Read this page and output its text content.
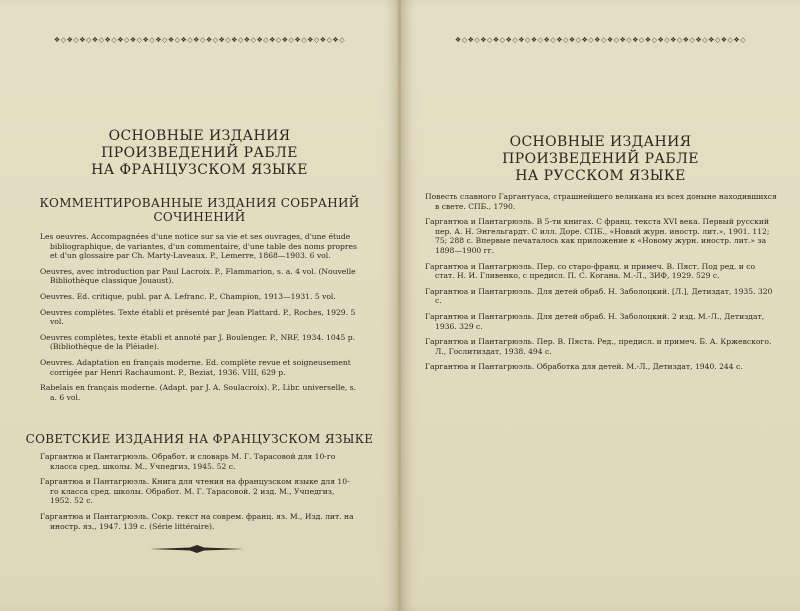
❖◇❖◇❖◇❖◇❖◇❖◇❖◇❖◇❖◇❖◇❖◇❖◇❖◇❖◇❖◇❖◇❖◇❖◇❖◇❖◇❖◇❖◇❖◇
ОСНОВНЫЕ ИЗДАНИЯ
ПРОИЗВЕДЕНИЙ РАБЛЕ
НА ФРАНЦУЗСКОМ ЯЗЫКЕ
КОММЕНТИРОВАННЫЕ ИЗДАНИЯ СОБРАНИЙ
СОЧИНЕНИЙ
Les oeuvres. Accompagnées d'une notice sur sa vie et ses ouvrages, d'une étude bibliographique, de variantes, d'un commentaire, d'une table des noms propres et d'un glossaire par Ch. Marty-Laveaux. P., Lemerre, 1868—1903. 6 vol.
Oeuvres, avec introduction par Paul Lacroix. P., Flammarion, s. a. 4 vol. (Nouvelle Bibliothèque classique Jouaust).
Oeuvres. Ed. critique, publ. par A. Lefranc. P., Champion, 1913—1931. 5 vol.
Oeuvres complètes. Texte établi et présenté par Jean Plattard. P., Roches, 1929. 5 vol.
Oeuvres complètes, texte établi et annoté par J. Boulenger. P., NRF, 1934. 1045 p. (Bibliothèque de la Pléiade).
Oeuvres. Adaptation en français moderne. Ed. complète revue et soigneusement corrigée par Henri Rachaumont. P., Beziat, 1936. VIII, 629 p.
Rabelais en français moderne. (Adapt. par J. A. Soulacroix). P., Libr. universelle, s. a. 6 vol.
СОВЕТСКИЕ ИЗДАНИЯ НА ФРАНЦУЗСКОМ ЯЗЫКЕ
Гаргантюа и Пантагрюэль. Обработ. и словарь М. Г. Тарасовой для 10-го класса сред. школы. М., Учпедгиз, 1945. 52 с.
Гаргантюа и Пантагрюэль. Книга для чтения на французском языке для 10-го класса сред. школы. Обработ. М. Г. Тарасовой. 2 изд. М., Учпедгиз, 1952. 52 с.
Гаргантюа и Пантагрюэль. Сокр. текст на соврем. франц. яз. М., Изд. лит. на иностр. яз., 1947. 139 с. (Série littéraire).
❖◇❖◇❖◇❖◇❖◇❖◇❖◇❖◇❖◇❖◇❖◇❖◇❖◇❖◇❖◇❖◇❖◇❖◇❖◇❖◇❖◇❖◇❖◇
ОСНОВНЫЕ ИЗДАНИЯ
ПРОИЗВЕДЕНИЙ РАБЛЕ
НА РУССКОМ ЯЗЫКЕ
Повесть славного Гаргантуаса, страшнейшего великана из всех доныне находившихся в свете. СПБ., 1790.
Гаргантюа и Пантагрюэль. В 5-ти книгах. С франц. текста XVI века. Первый русский пер. А. Н. Энгельгардт. С илл. Доре. СПБ., «Новый журн. иностр. лит.», 1901. 112; 75; 288 с. Впервые печаталось как приложение к «Новому журн. иностр. лит.» за 1898—1900 гг.
Гаргантюа и Пантагрюэль. Пер. со старо-франц. и примеч. В. Пяст. Под ред. и со стат. Н. И. Гливенко, с предисл. П. С. Когана. М.-Л., ЗИФ, 1929. 529 с.
Гаргантюа и Пантагрюэль. Для детей обраб. Н. Заболоцкий. [Л.], Детиздат, 1935. 320 с.
Гаргантюа и Пантагрюэль. Для детей обраб. Н. Заболоцкий. 2 изд. М.-Л., Детиздат, 1936. 329 с.
Гаргантюа и Пантагрюэль. Пер. В. Пяста. Ред., предисл. и примеч. Б. А. Кржевского. Л., Гослитиздат, 1938. 494 с.
Гаргантюа и Пантагрюэль. Обработка для детей. М.-Л., Детиздат, 1940. 244 с.
